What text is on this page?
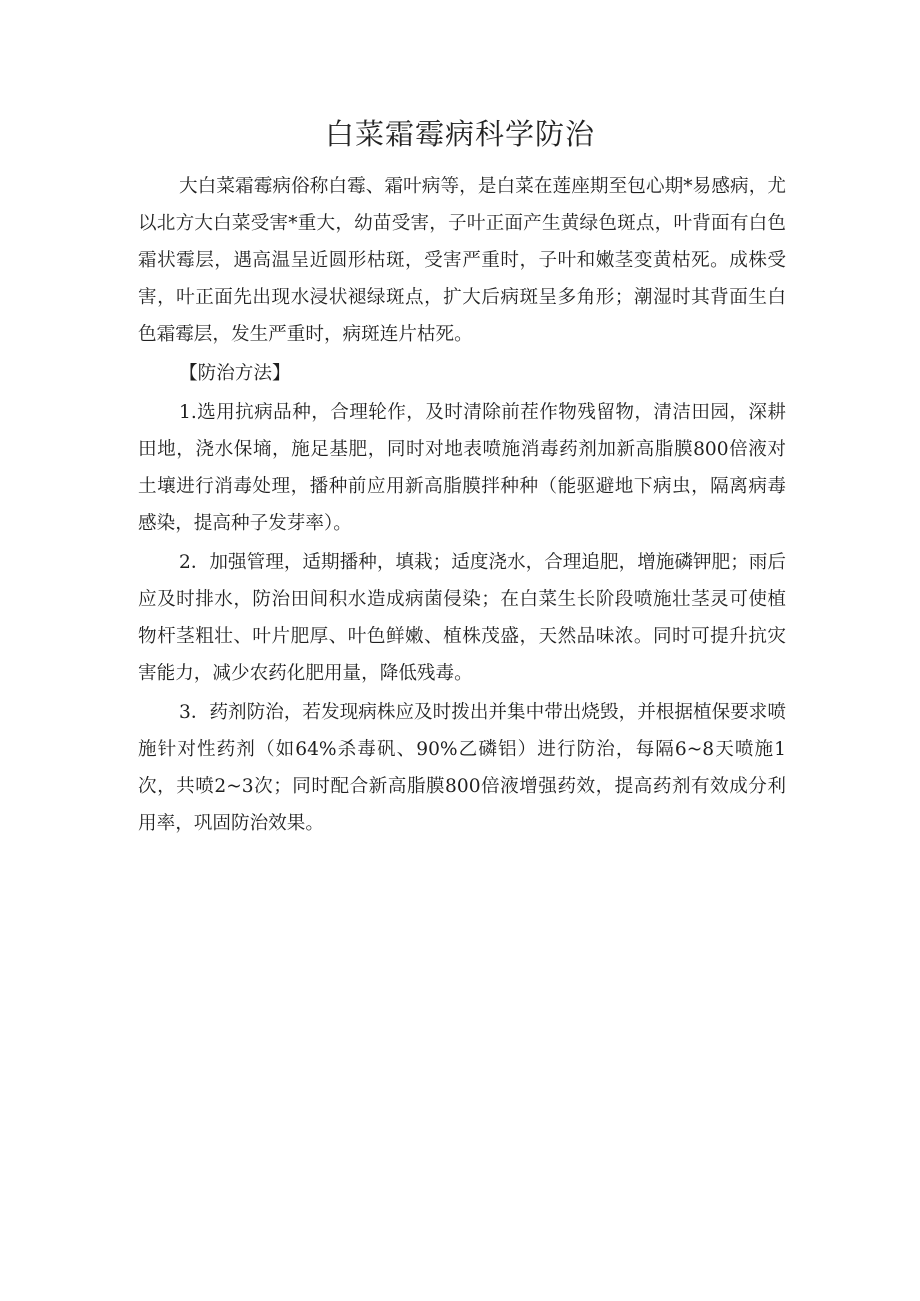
白菜霜霉病科学防治

大白菜霜霉病俗称白霉、霜叶病等，是白菜在莲座期至包心期*易感病，尤以北方大白菜受害*重大，幼苗受害，子叶正面产生黄绿色斑点，叶背面有白色霜状霉层，遇高温呈近圆形枯斑，受害严重时，子叶和嫩茎变黄枯死。成株受害，叶正面先出现水浸状褪绿斑点，扩大后病斑呈多角形；潮湿时其背面生白色霜霉层，发生严重时，病斑连片枯死。

【防治方法】

1.选用抗病品种，合理轮作，及时清除前茬作物残留物，清洁田园，深耕田地，浇水保墒，施足基肥，同时对地表喷施消毒药剂加新高脂膜800倍液对土壤进行消毒处理，播种前应用新高脂膜拌种种（能驱避地下病虫，隔离病毒感染，提高种子发芽率）。

2．加强管理，适期播种，填栽；适度浇水，合理追肥，增施磷钾肥；雨后应及时排水，防治田间积水造成病菌侵染；在白菜生长阶段喷施壮茎灵可使植物杆茎粗壮、叶片肥厚、叶色鲜嫩、植株茂盛，天然品味浓。同时可提升抗灾害能力，减少农药化肥用量，降低残毒。

3．药剂防治，若发现病株应及时拨出并集中带出烧毁，并根据植保要求喷施针对性药剂（如64%杀毒矾、90%乙磷铝）进行防治，每隔6~8天喷施1次，共喷2~3次；同时配合新高脂膜800倍液增强药效，提高药剂有效成分利用率，巩固防治效果。
